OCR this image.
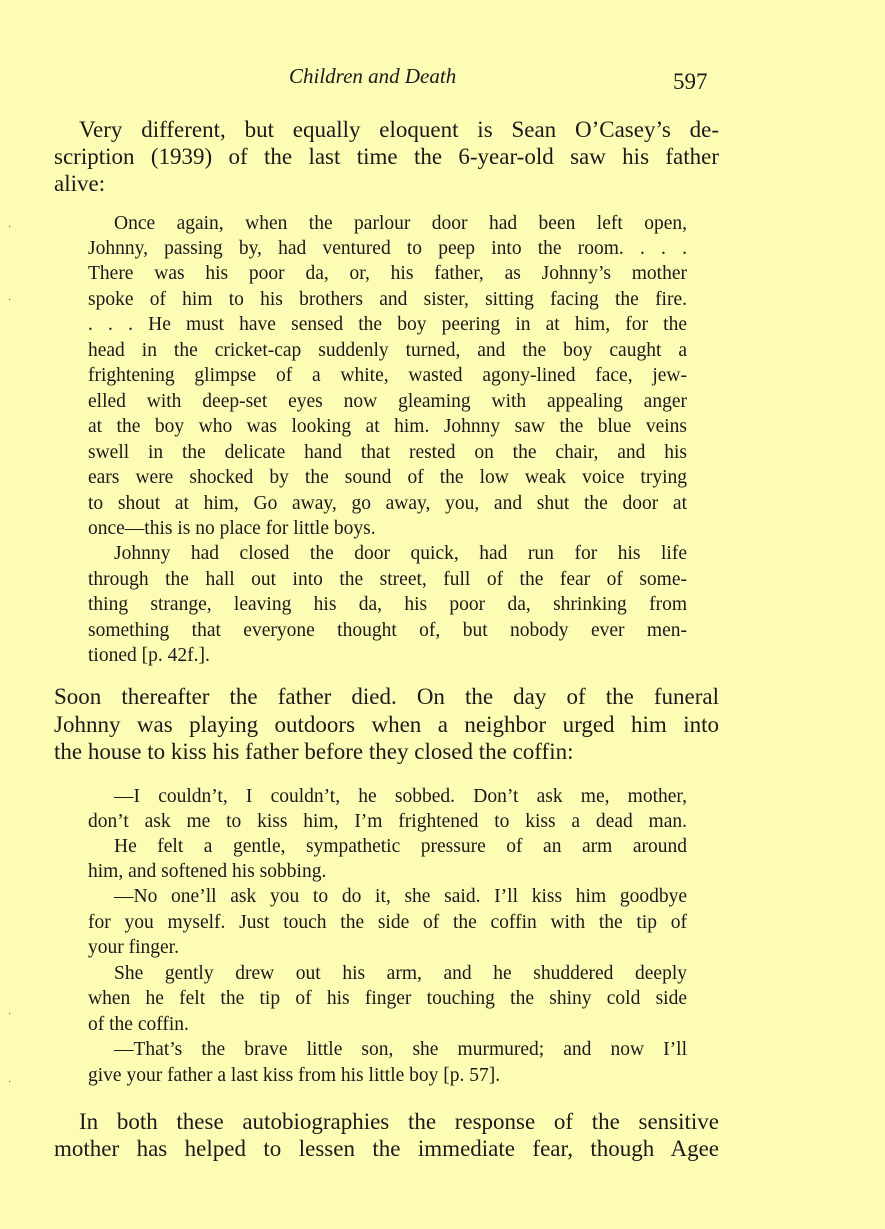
Children and Death	597
Very different, but equally eloquent is Sean O’Casey’s de-
scription (1939) of the last time the 6-year-old saw his father
alive:
Once again, when the parlour door had been left open,
Johnny, passing by, had ventured to peep into the room. . . .
There was his poor da, or, his father, as Johnny’s mother
spoke of him to his brothers and sister, sitting facing the fire.
. . . He must have sensed the boy peering in at him, for the
head in the cricket-cap suddenly turned, and the boy caught a
frightening glimpse of a white, wasted agony-lined face, jew-
elled with deep-set eyes now gleaming with appealing anger
at the boy who was looking at him. Johnny saw the blue veins
swell in the delicate hand that rested on the chair, and his
ears were shocked by the sound of the low weak voice trying
to shout at him, Go away, go away, you, and shut the door at
once—this is no place for little boys.
Johnny had closed the door quick, had run for his life
through the hall out into the street, full of the fear of some-
thing strange, leaving his da, his poor da, shrinking from
something that everyone thought of, but nobody ever men-
tioned [p. 42f.].
Soon thereafter the father died. On the day of the funeral
Johnny was playing outdoors when a neighbor urged him into
the house to kiss his father before they closed the coffin:
—I couldn’t, I couldn’t, he sobbed. Don’t ask me, mother,
don’t ask me to kiss him, I’m frightened to kiss a dead man.
He felt a gentle, sympathetic pressure of an arm around
him, and softened his sobbing.
—No one’ll ask you to do it, she said. I’ll kiss him goodbye
for you myself. Just touch the side of the coffin with the tip of
your finger.
She gently drew out his arm, and he shuddered deeply
when he felt the tip of his finger touching the shiny cold side
of the coffin.
—That’s the brave little son, she murmured; and now I’ll
give your father a last kiss from his little boy [p. 57].
In both these autobiographies the response of the sensitive
mother has helped to lessen the immediate fear, though Agee
·
·
·
·
